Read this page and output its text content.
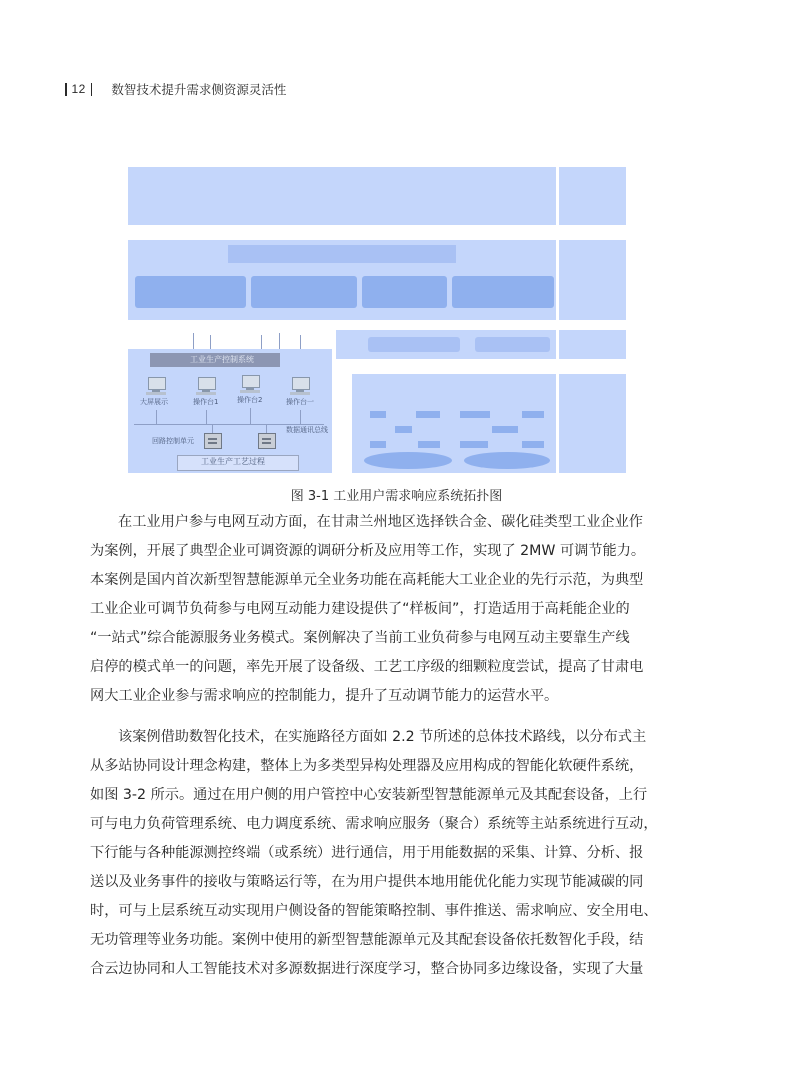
12 数智技术提升需求侧资源灵活性
工业生产控制系统
大屏展示	操作台1	操作台2	操作台一
数据通讯总线
回路控制单元
工业生产工艺过程
图 3-1 工业用户需求响应系统拓扑图
在工业用户参与电网互动方面，在甘肃兰州地区选择铁合金、碳化硅类型工业企业作
为案例，开展了典型企业可调资源的调研分析及应用等工作，实现了 2MW 可调节能力。
本案例是国内首次新型智慧能源单元全业务功能在高耗能大工业企业的先行示范，为典型
工业企业可调节负荷参与电网互动能力建设提供了“样板间”，打造适用于高耗能企业的
“一站式”综合能源服务业务模式。案例解决了当前工业负荷参与电网互动主要靠生产线
启停的模式单一的问题，率先开展了设备级、工艺工序级的细颗粒度尝试，提高了甘肃电
网大工业企业参与需求响应的控制能力，提升了互动调节能力的运营水平。
该案例借助数智化技术，在实施路径方面如 2.2 节所述的总体技术路线，以分布式主
从多站协同设计理念构建，整体上为多类型异构处理器及应用构成的智能化软硬件系统，
如图 3-2 所示。通过在用户侧的用户管控中心安装新型智慧能源单元及其配套设备，上行
可与电力负荷管理系统、电力调度系统、需求响应服务（聚合）系统等主站系统进行互动，
下行能与各种能源测控终端（或系统）进行通信，用于用能数据的采集、计算、分析、报
送以及业务事件的接收与策略运行等，在为用户提供本地用能优化能力实现节能减碳的同
时，可与上层系统互动实现用户侧设备的智能策略控制、事件推送、需求响应、安全用电、
无功管理等业务功能。案例中使用的新型智慧能源单元及其配套设备依托数智化手段，结
合云边协同和人工智能技术对多源数据进行深度学习，整合协同多边缘设备，实现了大量
